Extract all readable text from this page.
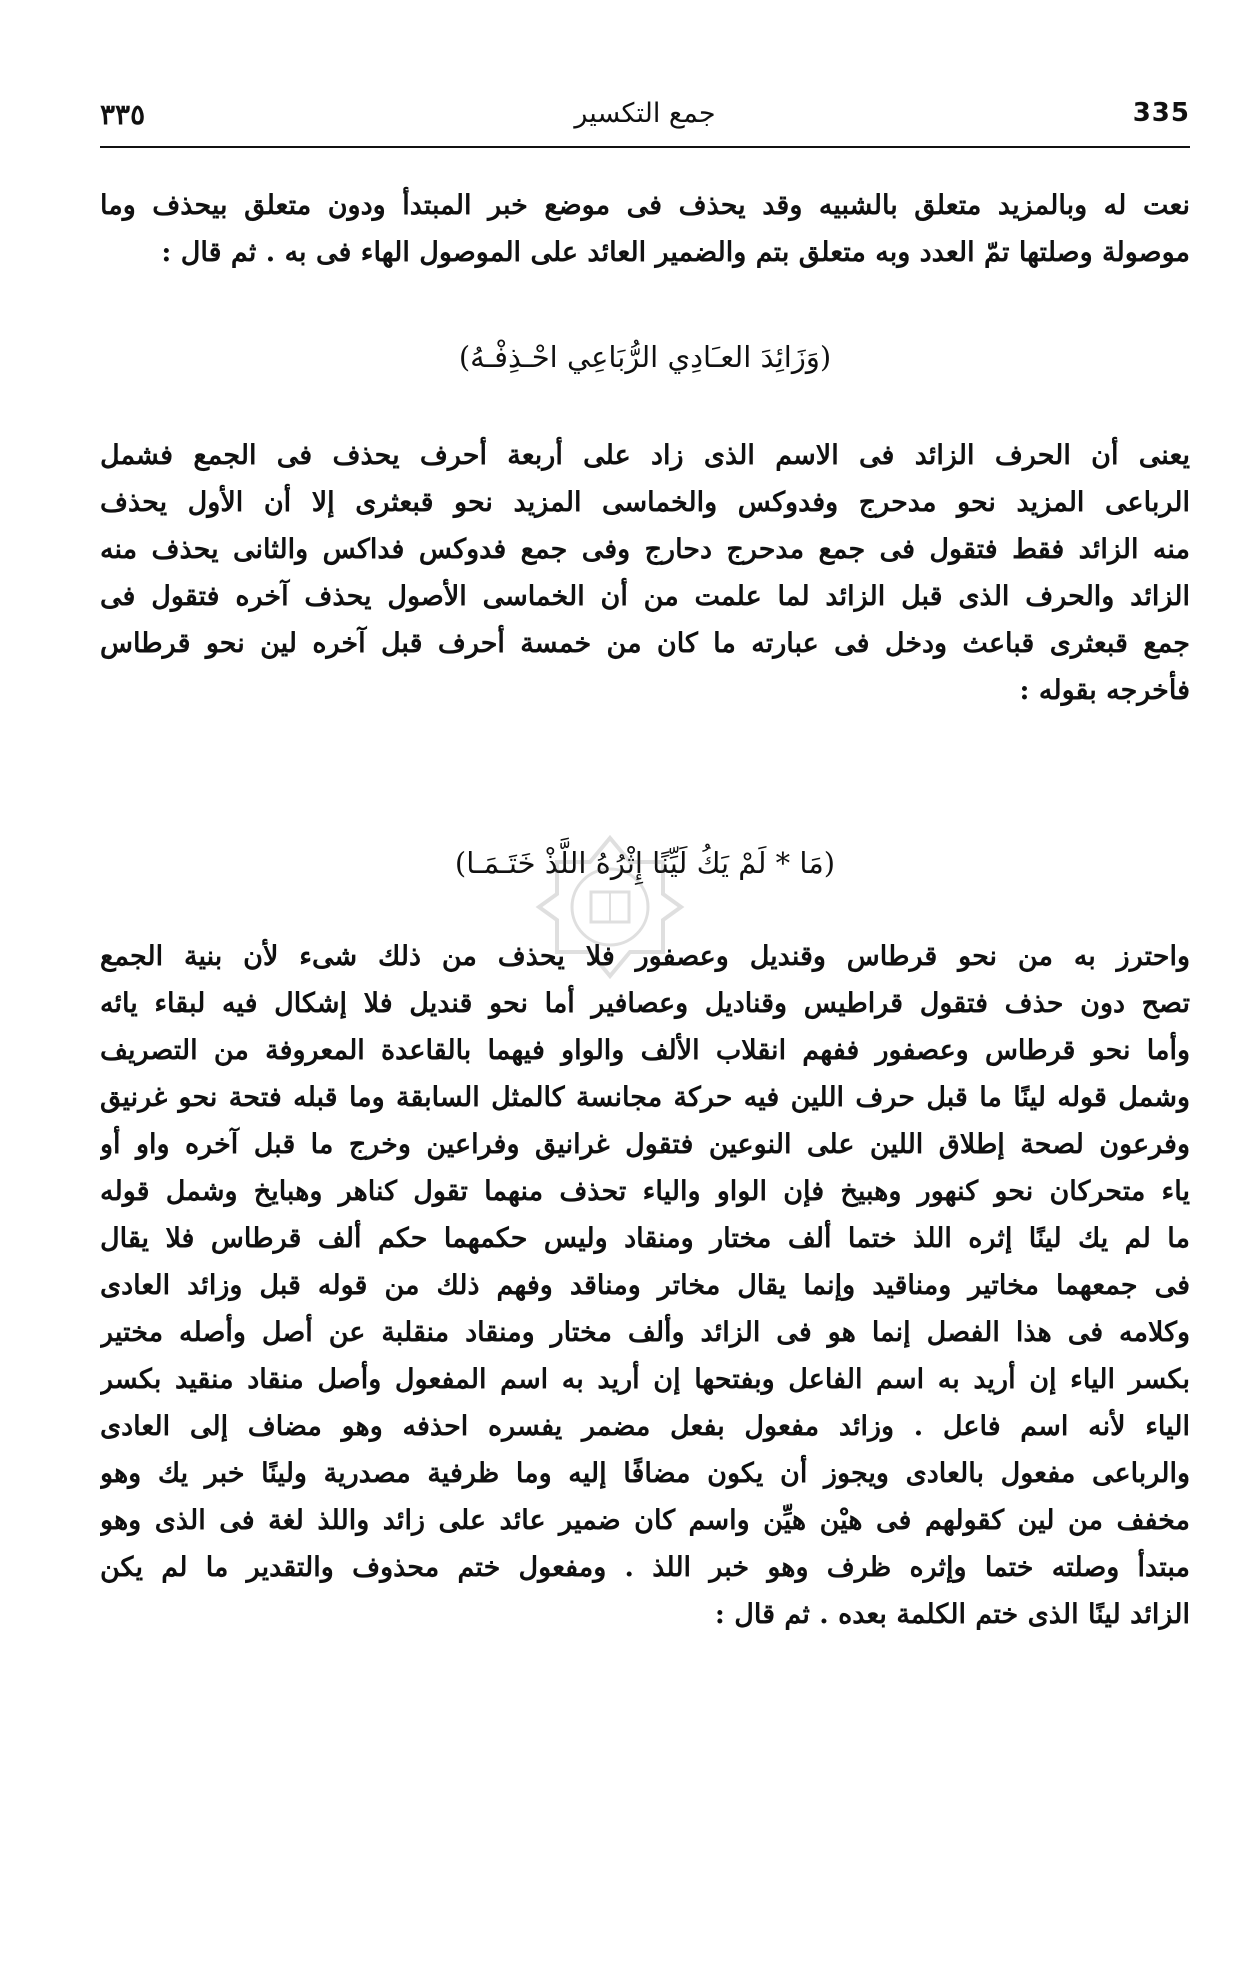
335
جمع التكسير
٣٣٥
نعت له وبالمزيد متعلق بالشبيه وقد يحذف فى موضع خبر المبتدأ ودون متعلق بيحذف وما
موصولة وصلتها تمّ العدد وبه متعلق بتم والضمير العائد على الموصول الهاء فى به . ثم قال :
(وَزَائِدَ العـَادِي الرُّبَاعِي احْـذِفْـهُ)
يعنى أن الحرف الزائد فى الاسم الذى زاد على أربعة أحرف يحذف فى الجمع فشمل
الرباعى المزيد نحو مدحرج وفدوكس والخماسى المزيد نحو قبعثرى إلا أن الأول يحذف
منه الزائد فقط فتقول فى جمع مدحرج دحارج وفى جمع فدوكس فداكس والثانى يحذف منه
الزائد والحرف الذى قبل الزائد لما علمت من أن الخماسى الأصول يحذف آخره فتقول فى
جمع قبعثرى قباعث ودخل فى عبارته ما كان من خمسة أحرف قبل آخره لين نحو قرطاس
فأخرجه بقوله :
(مَا * لَمْ يَكُ لَيِّنًا إِثْرُهُ اللَّذْ خَتَـمَـا)
واحترز به من نحو قرطاس وقنديل وعصفور فلا يحذف من ذلك شىء لأن بنية الجمع
تصح دون حذف فتقول قراطيس وقناديل وعصافير أما نحو قنديل فلا إشكال فيه لبقاء يائه
وأما نحو قرطاس وعصفور ففهم انقلاب الألف والواو فيهما بالقاعدة المعروفة من التصريف
وشمل قوله لينًا ما قبل حرف اللين فيه حركة مجانسة كالمثل السابقة وما قبله فتحة نحو غرنيق
وفرعون لصحة إطلاق اللين على النوعين فتقول غرانيق وفراعين وخرج ما قبل آخره واو أو
ياء متحركان نحو كنهور وهبيخ فإن الواو والياء تحذف منهما تقول كناهر وهبايخ وشمل قوله
ما لم يك لينًا إثره اللذ ختما ألف مختار ومنقاد وليس حكمهما حكم ألف قرطاس فلا يقال
فى جمعهما مخاتير ومناقيد وإنما يقال مخاتر ومناقد وفهم ذلك من قوله قبل وزائد العادى
وكلامه فى هذا الفصل إنما هو فى الزائد وألف مختار ومنقاد منقلبة عن أصل وأصله مختير
بكسر الياء إن أريد به اسم الفاعل وبفتحها إن أريد به اسم المفعول وأصل منقاد منقيد بكسر
الياء لأنه اسم فاعل . وزائد مفعول بفعل مضمر يفسره احذفه وهو مضاف إلى العادى
والرباعى مفعول بالعادى ويجوز أن يكون مضافًا إليه وما ظرفية مصدرية ولينًا خبر يك وهو
مخفف من لين كقولهم فى هيْن هيِّن واسم كان ضمير عائد على زائد واللذ لغة فى الذى وهو
مبتدأ وصلته ختما وإثره ظرف وهو خبر اللذ . ومفعول ختم محذوف والتقدير ما لم يكن
الزائد لينًا الذى ختم الكلمة بعده . ثم قال :
